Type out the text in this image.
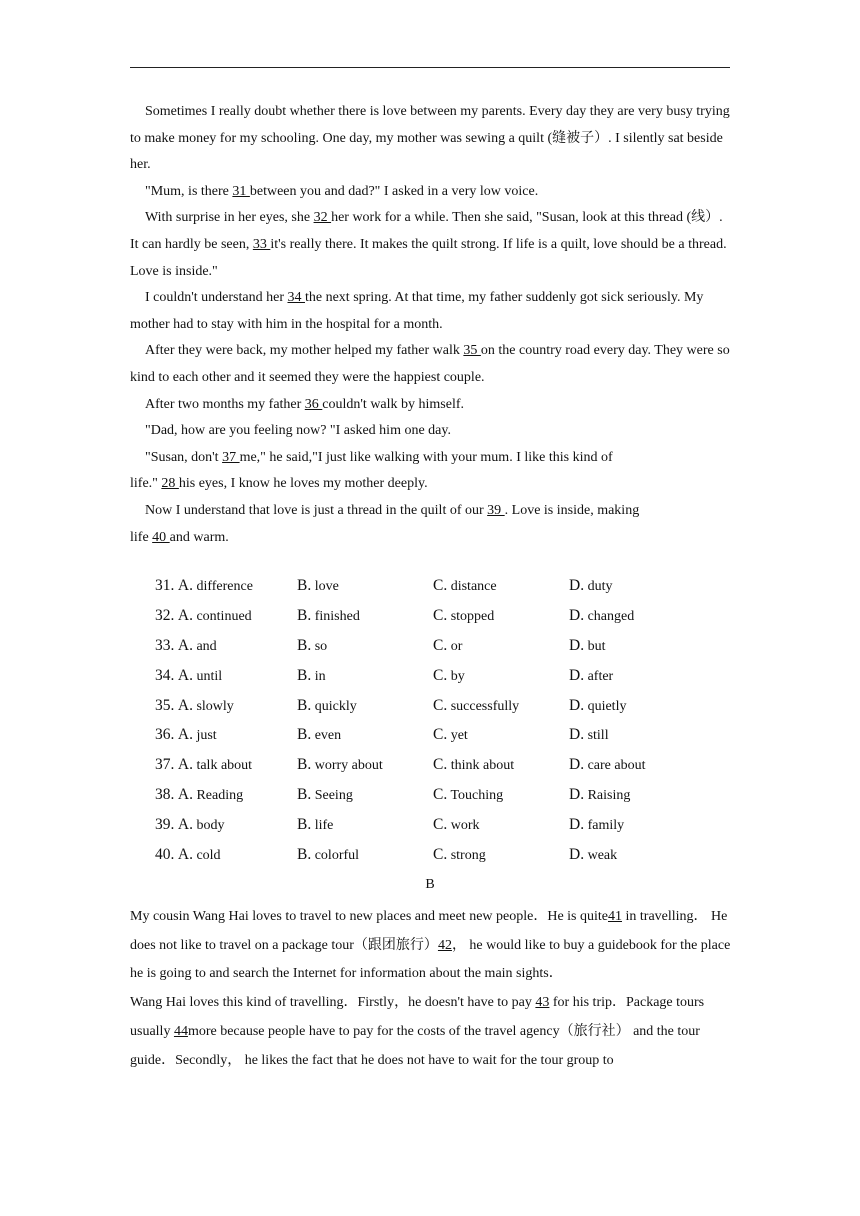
Sometimes I really doubt whether there is love between my parents. Every day they are very busy trying to make money for my schooling. One day, my mother was sewing a quilt (缝被子）. I silently sat beside her.

"Mum, is there 31 between you and dad?" I asked in a very low voice.

With surprise in her eyes, she 32 her work for a while. Then she said, "Susan, look at this thread (线）. It can hardly be seen, 33 it's really there. It makes the quilt strong. If life is a quilt, love should be a thread. Love is inside."

I couldn't understand her 34 the next spring. At that time, my father suddenly got sick seriously. My mother had to stay with him in the hospital for a month.

After they were back, my mother helped my father walk 35 on the country road every day. They were so kind to each other and it seemed they were the happiest couple.

After two months my father 36 couldn't walk by himself.

"Dad, how are you feeling now? "I asked him one day.

"Susan, don't 37 me," he said,"I just like walking with your mum. I like this kind of

life." 28 his eyes, I know he loves my mother deeply.

Now I understand that love is just a thread in the quilt of our 39 . Love is inside, making

life 40 and warm.

31. A. difference	B. love	C. distance	D. duty
32. A. continued	B. finished	C. stopped	D. changed
33. A. and	B. so	C. or	D. but
34. A. until	B. in	C. by	D. after
35. A. slowly	B. quickly	C. successfully	D. quietly
36. A. just	B. even	C. yet	D. still
37. A. talk about	B. worry about	C. think about	D. care about
38. A. Reading	B. Seeing	C. Touching	D. Raising
39. A. body	B. life	C. work	D. family
40. A. cold	B. colorful	C. strong	D. weak
B

My cousin Wang Hai loves to travel to new places and meet new people．He is quite41 in travelling． He does not like to travel on a package tour（跟团旅行）42， he would like to buy a guidebook for the place he is going to and search the Internet for information about the main sights．

Wang Hai loves this kind of travelling．Firstly，he doesn't have to pay 43 for his trip．Package tours usually 44more because people have to pay for the costs of the travel agency（旅行社） and the tour guide．Secondly， he likes the fact that he does not have to wait for the tour group to
